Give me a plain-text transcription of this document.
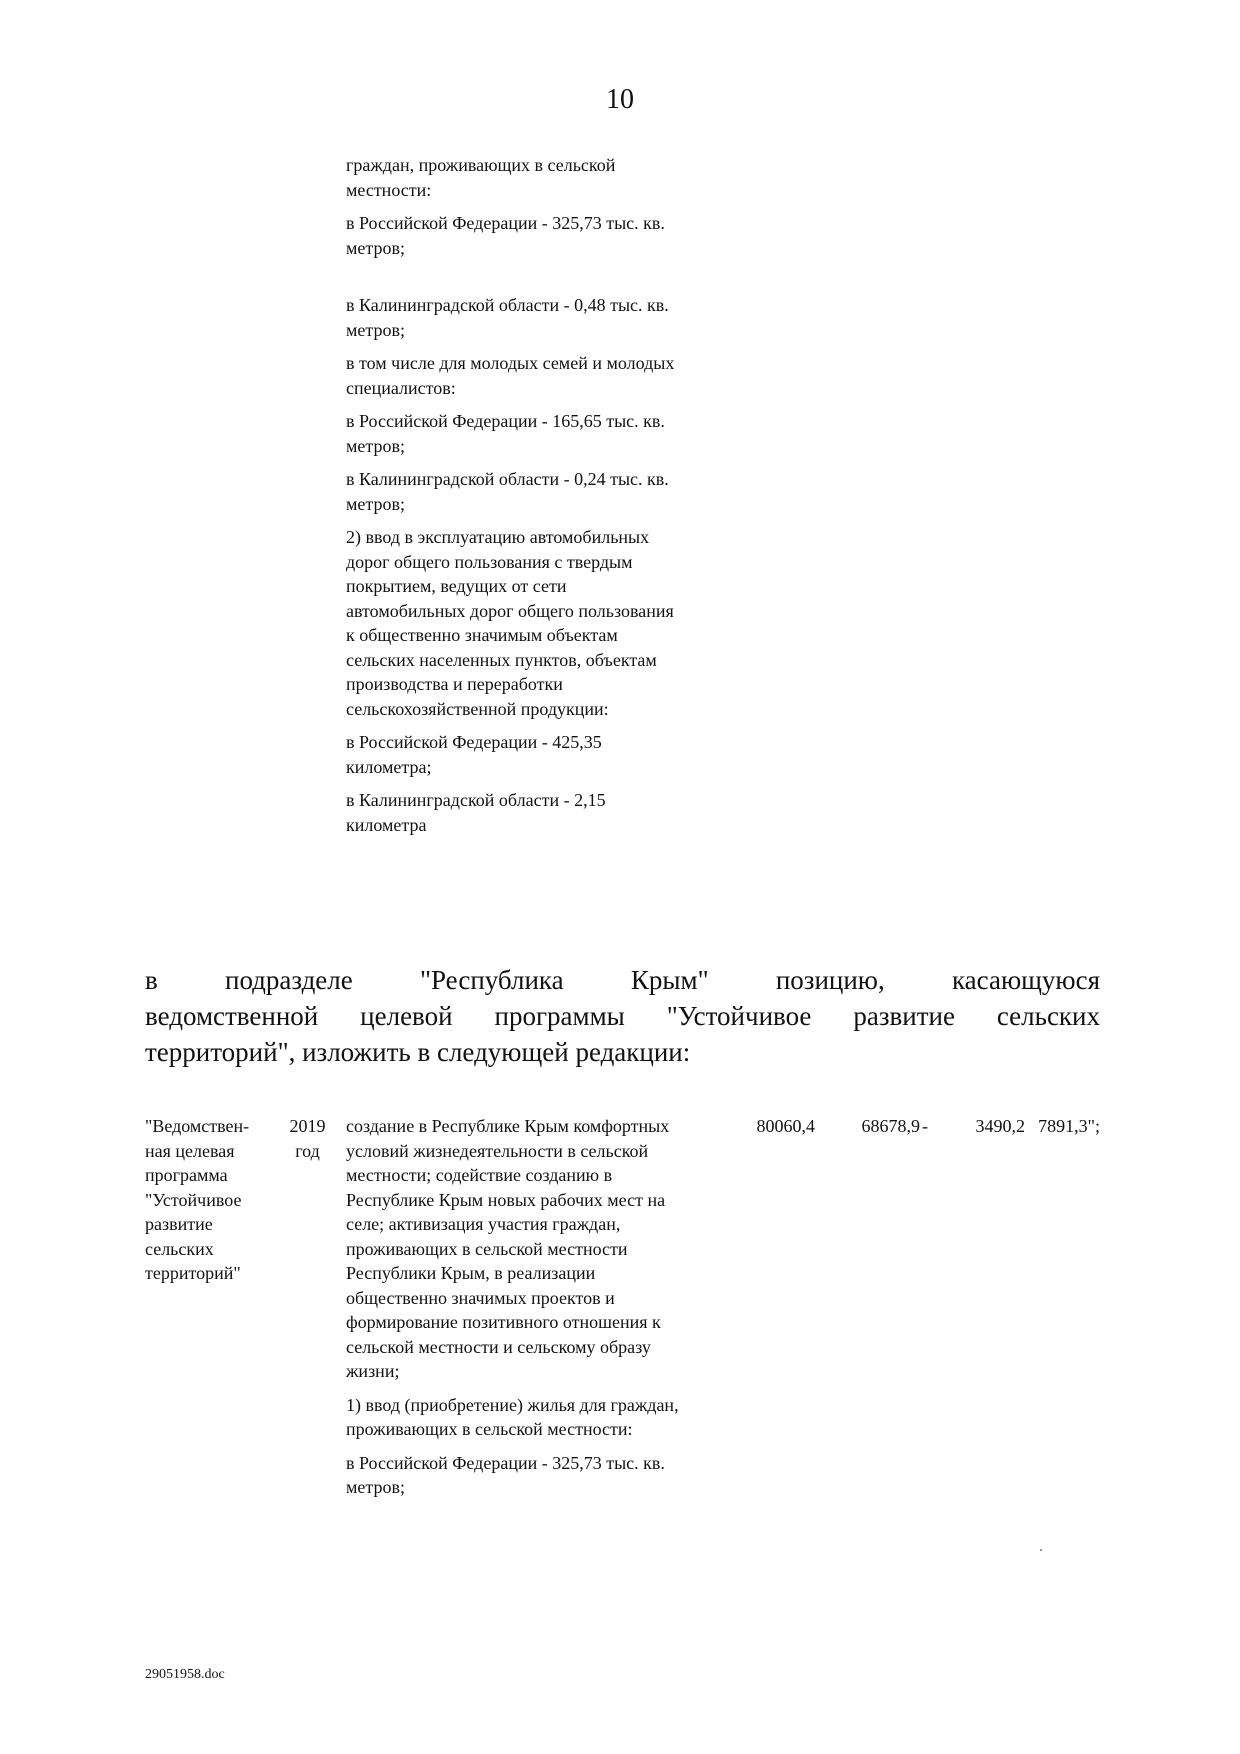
10

граждан, проживающих в сельской местности:

в Российской Федерации - 325,73 тыс. кв. метров;

в Калининградской области - 0,48 тыс. кв. метров;

в том числе для молодых семей и молодых специалистов:

в Российской Федерации - 165,65 тыс. кв. метров;

в Калининградской области - 0,24 тыс. кв. метров;

2) ввод в эксплуатацию автомобильных дорог общего пользования с твердым покрытием, ведущих от сети автомобильных дорог общего пользования к общественно значимым объектам сельских населенных пунктов, объектам производства и переработки сельскохозяйственной продукции:

в Российской Федерации - 425,35 километра;

в Калининградской области - 2,15 километра

в подразделе "Республика Крым" позицию, касающуюся
ведомственной целевой программы "Устойчивое развитие сельских
территорий", изложить в следующей редакции:
"Ведомствен-ная целевая программа "Устойчивое развитие сельских территорий"
2019 год

создание в Республике Крым комфортных условий жизнедеятельности в сельской местности; содействие созданию в Республике Крым новых рабочих мест на селе; активизация участия граждан, проживающих в сельской местности Республики Крым, в реализации общественно значимых проектов и формирование позитивного отношения к сельской местности и сельскому образу жизни;

1) ввод (приобретение) жилья для граждан, проживающих в сельской местности:

в Российской Федерации - 325,73 тыс. кв. метров;

80060,4	68678,9 -	3490,2 7891,3";
29051958.doc
